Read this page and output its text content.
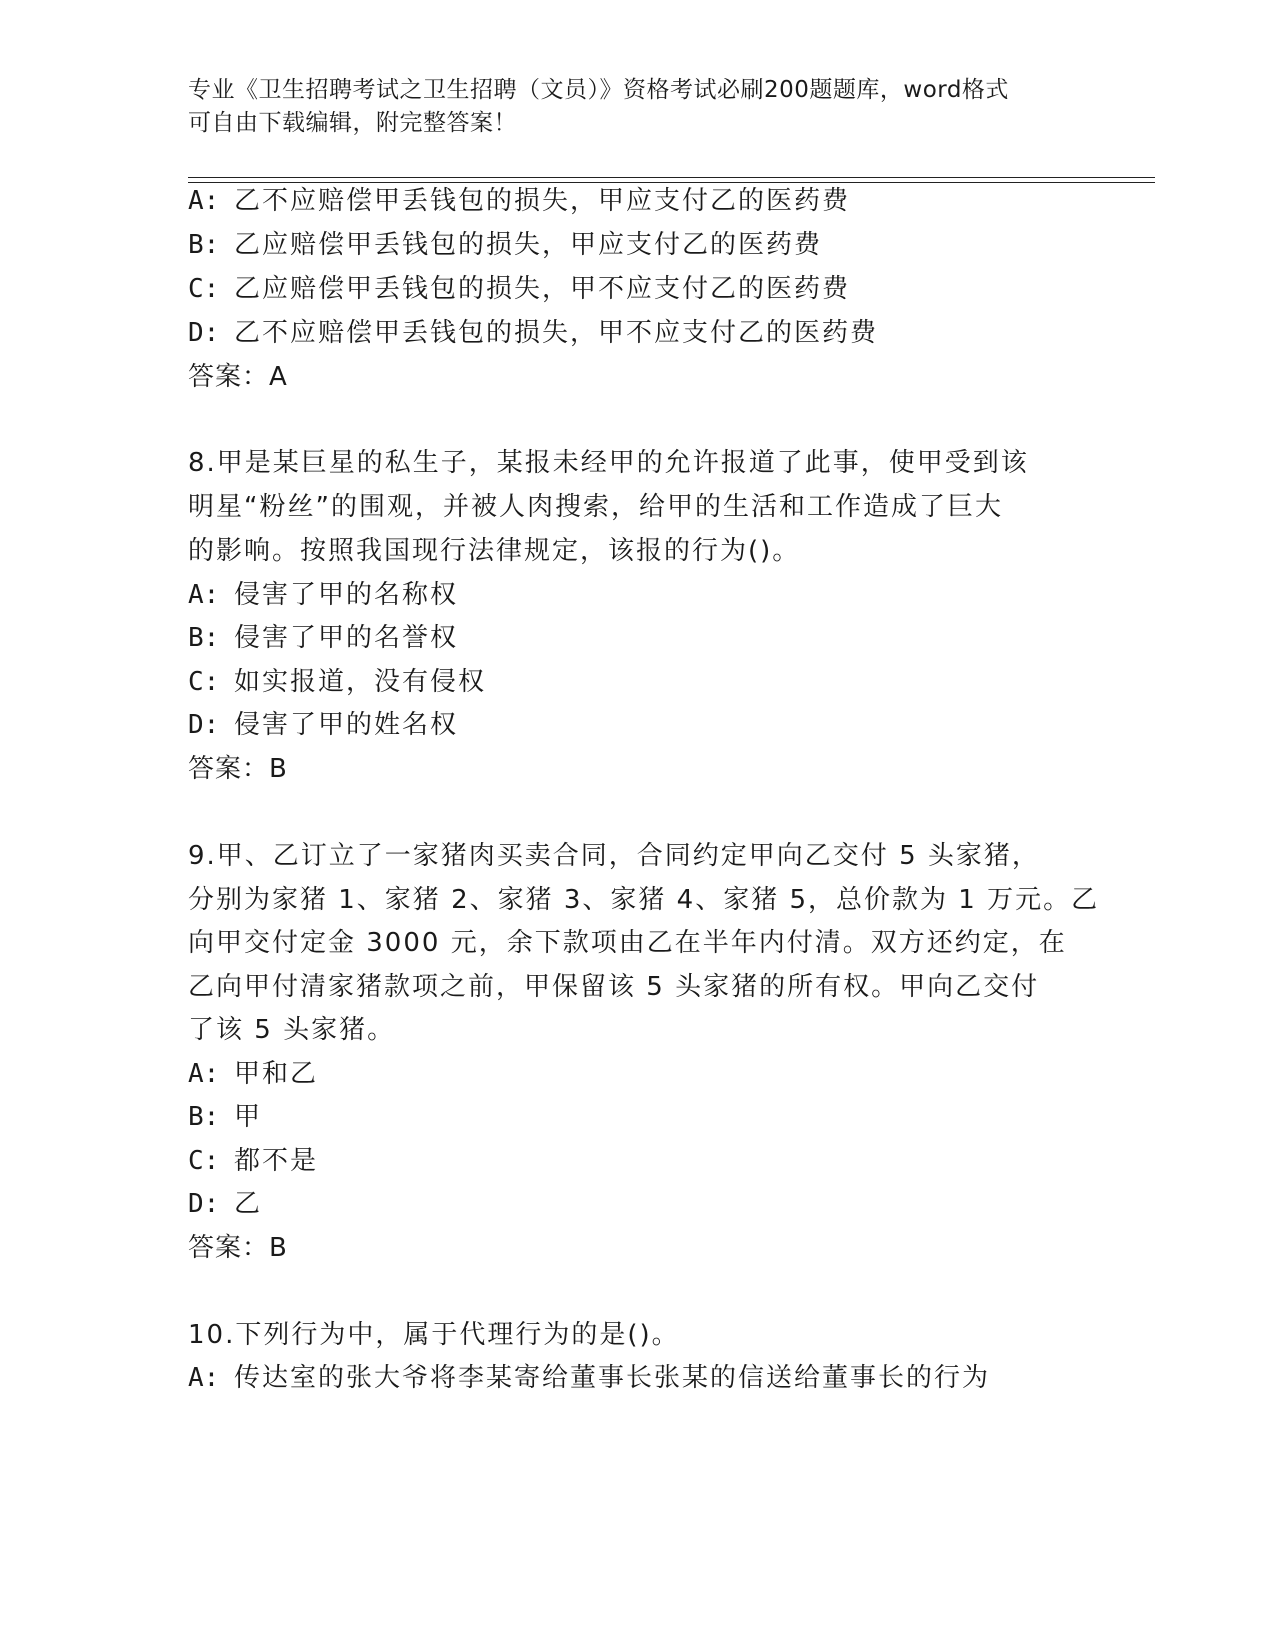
专业《卫生招聘考试之卫生招聘（文员）》资格考试必刷200题题库，word格式
可自由下载编辑，附完整答案！
A: 乙不应赔偿甲丢钱包的损失，甲应支付乙的医药费
B: 乙应赔偿甲丢钱包的损失，甲应支付乙的医药费
C: 乙应赔偿甲丢钱包的损失，甲不应支付乙的医药费
D: 乙不应赔偿甲丢钱包的损失，甲不应支付乙的医药费
答案：A
8.甲是某巨星的私生子，某报未经甲的允许报道了此事，使甲受到该
明星“粉丝”的围观，并被人肉搜索，给甲的生活和工作造成了巨大
的影响。按照我国现行法律规定，该报的行为()。
A: 侵害了甲的名称权
B: 侵害了甲的名誉权
C: 如实报道，没有侵权
D: 侵害了甲的姓名权
答案：B
9.甲、乙订立了一家猪肉买卖合同，合同约定甲向乙交付 5 头家猪，
分别为家猪 1、家猪 2、家猪 3、家猪 4、家猪 5，总价款为 1 万元。乙
向甲交付定金 3000 元，余下款项由乙在半年内付清。双方还约定，在
乙向甲付清家猪款项之前，甲保留该 5 头家猪的所有权。甲向乙交付
了该 5 头家猪。
A: 甲和乙
B: 甲
C: 都不是
D: 乙
答案：B
10.下列行为中，属于代理行为的是()。
A: 传达室的张大爷将李某寄给董事长张某的信送给董事长的行为
